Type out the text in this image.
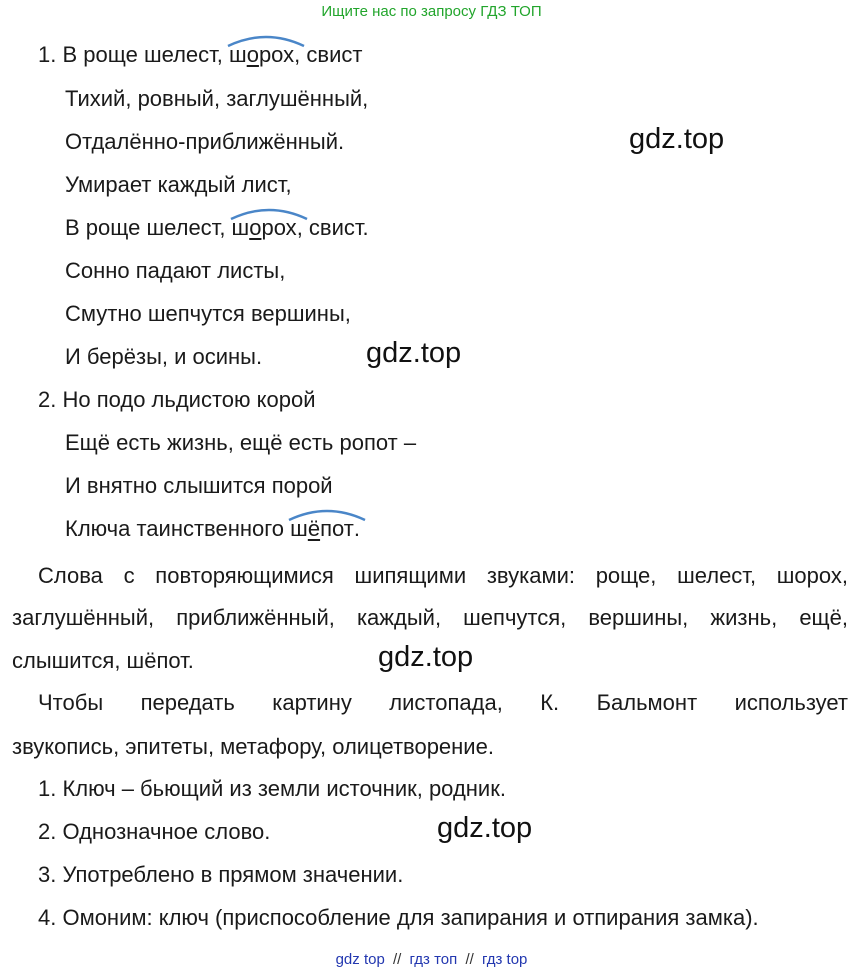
Ищите нас по запросу ГДЗ ТОП
1. В роще шелест,
шорох, свист
Тихий, ровный, заглушённый,
Отдалённо-приближённый.
Умирает каждый лист,
В роще шелест,
шорох, свист.
Сонно падают листы,
Смутно шепчутся вершины,
И берёзы, и осины.
2. Но подо льдистою корой
Ещё есть жизнь, ещё есть ропот –
И внятно слышится порой
Ключа таинственного
шёпот.
Слова с повторяющимися шипящими звуками: роще, шелест, шорох,
заглушённый, приближённый, каждый, шепчутся, вершины, жизнь, ещё,
слышится, шёпот.
Чтобы передать картину листопада, К. Бальмонт использует
звукопись, эпитеты, метафору, олицетворение.
1. Ключ – бьющий из земли источник, родник.
2. Однозначное слово.
3. Употреблено в прямом значении.
4. Омоним: ключ (приспособление для запирания и отпирания замка).
gdz.top
gdz.top
gdz.top
gdz.top
gdz top // гдз топ // гдз top
